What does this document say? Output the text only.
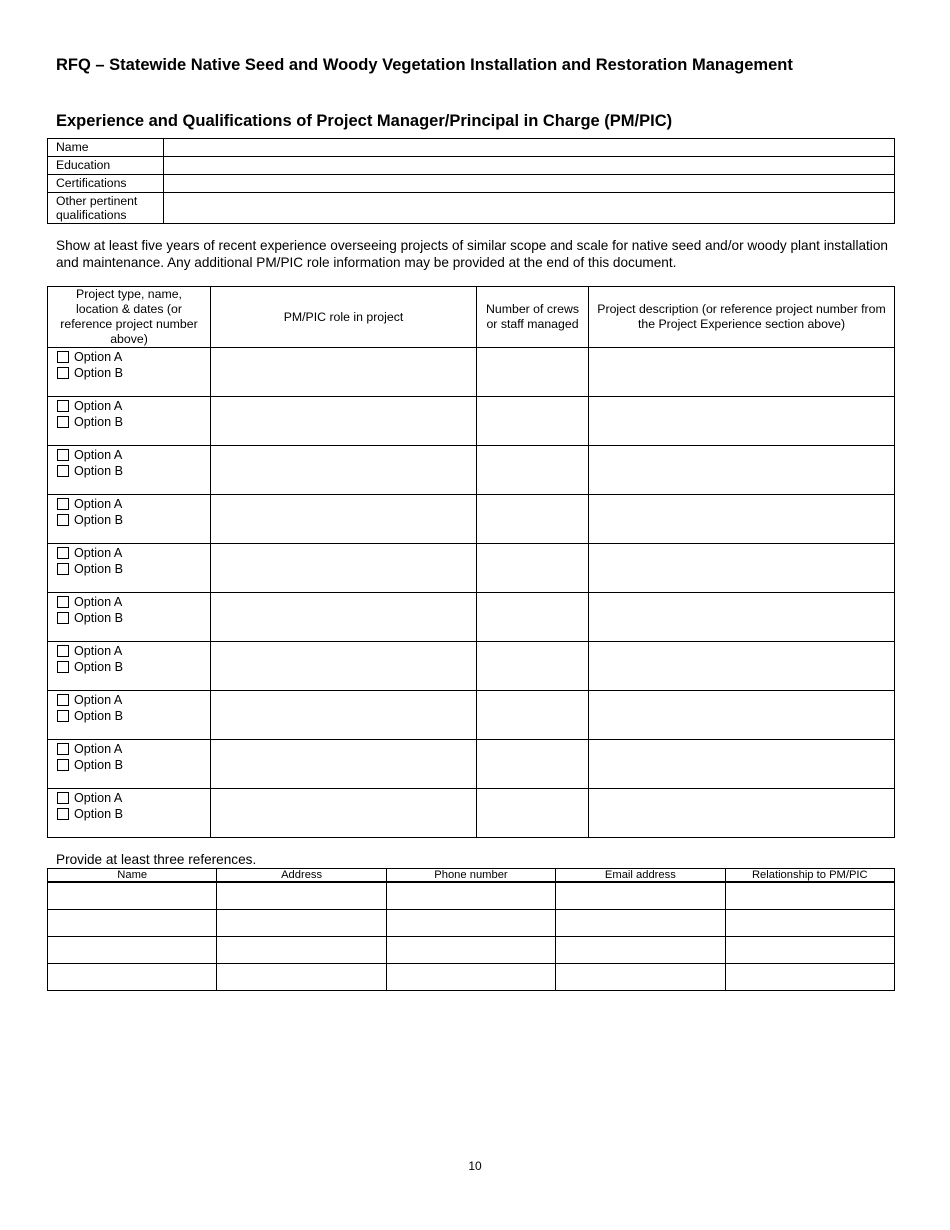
RFQ – Statewide Native Seed and Woody Vegetation Installation and Restoration Management
Experience and Qualifications of Project Manager/Principal in Charge (PM/PIC)
Name	
Education	
Certifications	
Other pertinent qualifications	
Show at least five years of recent experience overseeing projects of similar scope and scale for native seed and/or woody plant installation and maintenance. Any additional PM/PIC role information may be provided at the end of this document.
Project type, name, location & dates (or reference project number above)	PM/PIC role in project	Number of crews or staff managed	Project description (or reference project number from the Project Experience section above)

Option A
Option B			

Option A
Option B			

Option A
Option B			

Option A
Option B			

Option A
Option B			

Option A
Option B			

Option A
Option B			

Option A
Option B			

Option A
Option B			

Option A
Option B			

Provide at least three references.
Name	Address	Phone number	Email address	Relationship to PM/PIC

10
